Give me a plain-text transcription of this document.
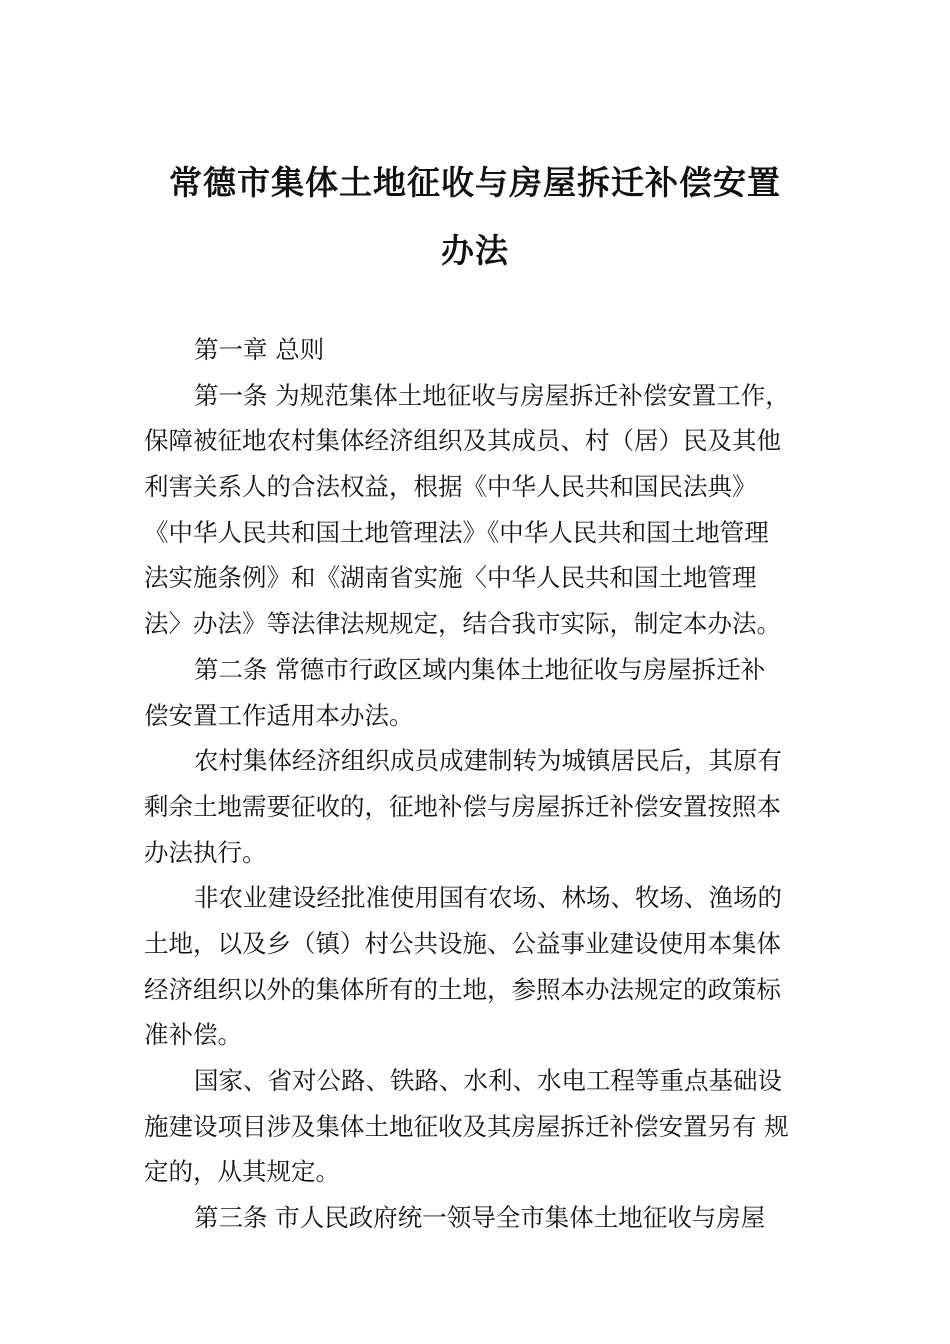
常德市集体土地征收与房屋拆迁补偿安置
办法
第一章 总则
第一条 为规范集体土地征收与房屋拆迁补偿安置工作，
保障被征地农村集体经济组织及其成员、村（居）民及其他
利害关系人的合法权益，根据《中华人民共和国民法典》
《中华人民共和国土地管理法》《中华人民共和国土地管理
法实施条例》和《湖南省实施〈中华人民共和国土地管理
法〉办法》等法律法规规定，结合我市实际，制定本办法。
第二条 常德市行政区域内集体土地征收与房屋拆迁补
偿安置工作适用本办法。
农村集体经济组织成员成建制转为城镇居民后，其原有
剩余土地需要征收的，征地补偿与房屋拆迁补偿安置按照本
办法执行。
非农业建设经批准使用国有农场、林场、牧场、渔场的
土地，以及乡（镇）村公共设施、公益事业建设使用本集体
经济组织以外的集体所有的土地，参照本办法规定的政策标
准补偿。
国家、省对公路、铁路、水利、水电工程等重点基础设
施建设项目涉及集体土地征收及其房屋拆迁补偿安置另有 规
定的，从其规定。
第三条 市人民政府统一领导全市集体土地征收与房屋
